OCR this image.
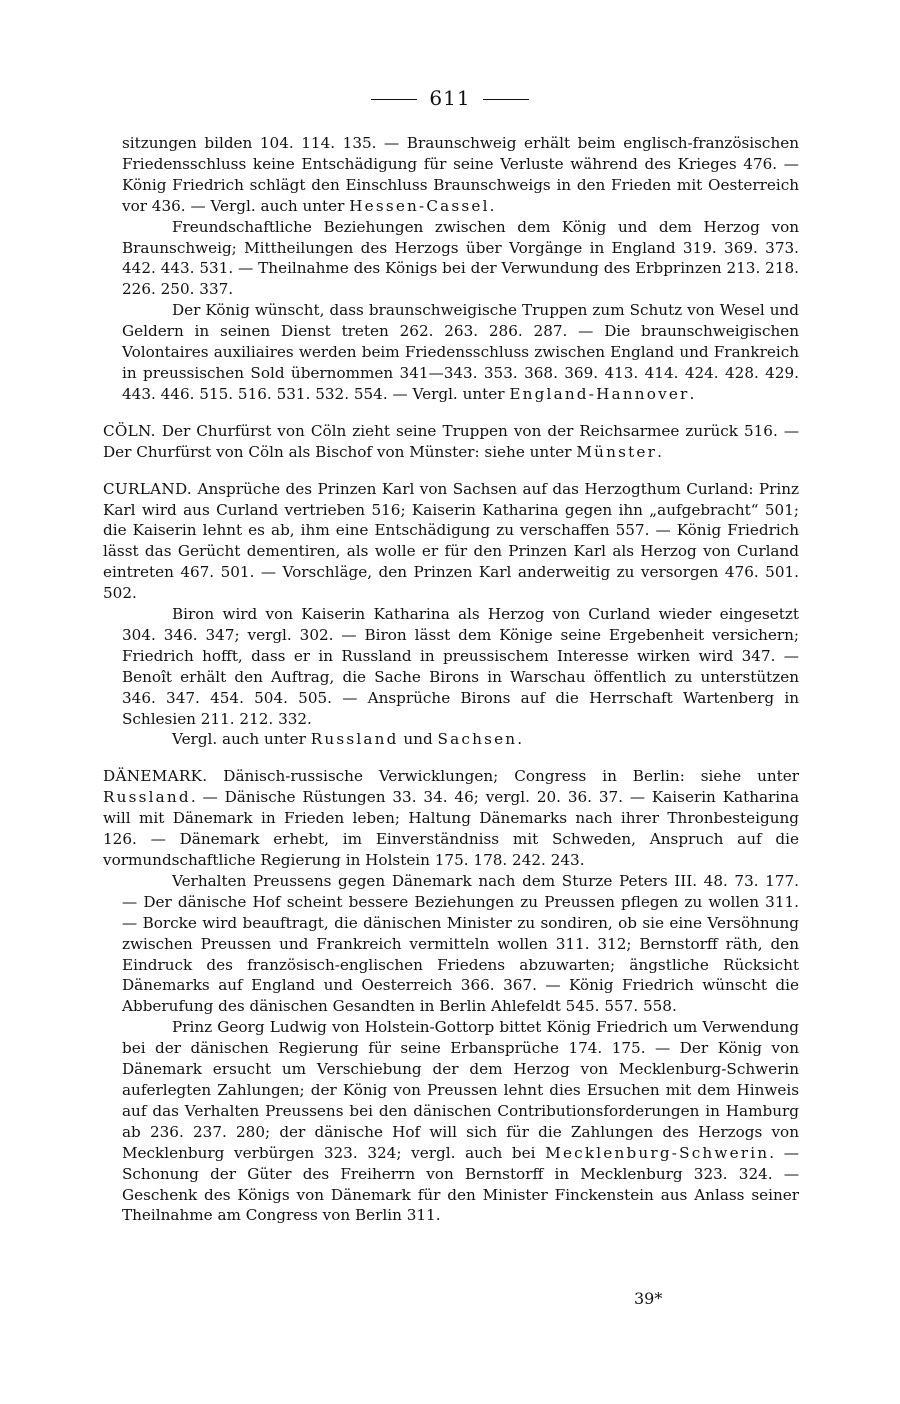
611

sitzungen bilden 104. 114. 135. — Braunschweig erhält beim englisch-französischen Friedensschluss keine Entschädigung für seine Verluste während des Krieges 476. — König Friedrich schlägt den Einschluss Braunschweigs in den Frieden mit Oesterreich vor 436. — Vergl. auch unter Hessen-Cassel.

Freundschaftliche Beziehungen zwischen dem König und dem Herzog von Braunschweig; Mittheilungen des Herzogs über Vorgänge in England 319. 369. 373. 442. 443. 531. — Theilnahme des Königs bei der Verwundung des Erbprinzen 213. 218. 226. 250. 337.

Der König wünscht, dass braunschweigische Truppen zum Schutz von Wesel und Geldern in seinen Dienst treten 262. 263. 286. 287. — Die braunschweigischen Volontaires auxiliaires werden beim Friedensschluss zwischen England und Frankreich in preussischen Sold übernommen 341—343. 353. 368. 369. 413. 414. 424. 428. 429. 443. 446. 515. 516. 531. 532. 554. — Vergl. unter England-Hannover.

CÖLN. Der Churfürst von Cöln zieht seine Truppen von der Reichsarmee zurück 516. — Der Churfürst von Cöln als Bischof von Münster: siehe unter Münster.

CURLAND. Ansprüche des Prinzen Karl von Sachsen auf das Herzogthum Curland: Prinz Karl wird aus Curland vertrieben 516; Kaiserin Katharina gegen ihn „aufgebracht“ 501; die Kaiserin lehnt es ab, ihm eine Entschädigung zu verschaffen 557. — König Friedrich lässt das Gerücht dementiren, als wolle er für den Prinzen Karl als Herzog von Curland eintreten 467. 501. — Vorschläge, den Prinzen Karl anderweitig zu versorgen 476. 501. 502.

Biron wird von Kaiserin Katharina als Herzog von Curland wieder eingesetzt 304. 346. 347; vergl. 302. — Biron lässt dem Könige seine Ergebenheit versichern; Friedrich hofft, dass er in Russland in preussischem Interesse wirken wird 347. — Benoît erhält den Auftrag, die Sache Birons in Warschau öffentlich zu unterstützen 346. 347. 454. 504. 505. — Ansprüche Birons auf die Herrschaft Wartenberg in Schlesien 211. 212. 332.

Vergl. auch unter Russland und Sachsen.

DÄNEMARK. Dänisch-russische Verwicklungen; Congress in Berlin: siehe unter Russland. — Dänische Rüstungen 33. 34. 46; vergl. 20. 36. 37. — Kaiserin Katharina will mit Dänemark in Frieden leben; Haltung Dänemarks nach ihrer Thronbesteigung 126. — Dänemark erhebt, im Einverständniss mit Schweden, Anspruch auf die vormundschaftliche Regierung in Holstein 175. 178. 242. 243.

Verhalten Preussens gegen Dänemark nach dem Sturze Peters III. 48. 73. 177. — Der dänische Hof scheint bessere Beziehungen zu Preussen pflegen zu wollen 311. — Borcke wird beauftragt, die dänischen Minister zu sondiren, ob sie eine Versöhnung zwischen Preussen und Frankreich vermitteln wollen 311. 312; Bernstorff räth, den Eindruck des französisch-englischen Friedens abzuwarten; ängstliche Rücksicht Dänemarks auf England und Oesterreich 366. 367. — König Friedrich wünscht die Abberufung des dänischen Gesandten in Berlin Ahlefeldt 545. 557. 558.

Prinz Georg Ludwig von Holstein-Gottorp bittet König Friedrich um Verwendung bei der dänischen Regierung für seine Erbansprüche 174. 175. — Der König von Dänemark ersucht um Verschiebung der dem Herzog von Mecklenburg-Schwerin auferlegten Zahlungen; der König von Preussen lehnt dies Ersuchen mit dem Hinweis auf das Verhalten Preussens bei den dänischen Contributionsforderungen in Hamburg ab 236. 237. 280; der dänische Hof will sich für die Zahlungen des Herzogs von Mecklenburg verbürgen 323. 324; vergl. auch bei Mecklenburg-Schwerin. — Schonung der Güter des Freiherrn von Bernstorff in Mecklenburg 323. 324. — Geschenk des Königs von Dänemark für den Minister Finckenstein aus Anlass seiner Theilnahme am Congress von Berlin 311.

39*
